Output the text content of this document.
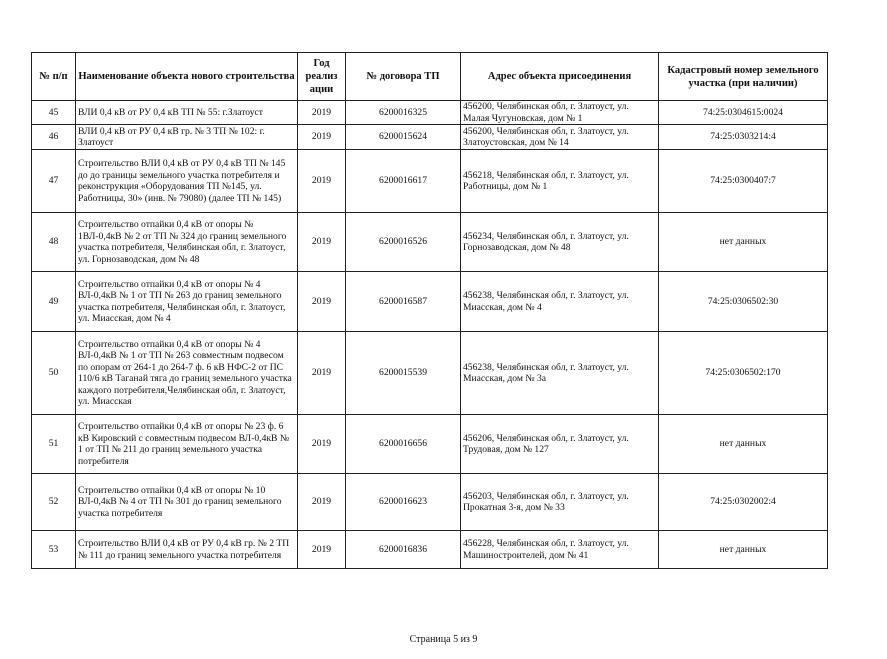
№ п/п	Наименование объекта нового строительства	Год реализ ации	№ договора ТП	Адрес объекта присоединения	Кадастровый номер земельного участка (при наличии)
45	ВЛИ 0,4 кВ от РУ 0,4 кВ ТП № 55: г.Златоуст	2019	6200016325	456200, Челябинская обл, г. Златоуст, ул. Малая Чугуновская, дом № 1	74:25:0304615:0024
46	ВЛИ 0,4 кВ от РУ 0,4 кВ гр. № 3 ТП № 102: г. Златоуст	2019	6200015624	456200, Челябинская обл, г. Златоуст, ул. Златоустовская, дом № 14	74:25:0303214:4
47	Строительство ВЛИ 0,4 кВ от РУ 0,4 кВ ТП № 145 до до границы земельного участка потребителя и реконструкция «Оборудования ТП №145, ул. Работницы, 30» (инв. № 79080) (далее ТП № 145)	2019	6200016617	456218, Челябинская обл, г. Златоуст, ул. Работницы, дом № 1	74:25:0300407:7
48	Строительство отпайки 0,4 кВ от опоры № 1ВЛ-0,4кВ № 2 от ТП № 324 до границ земельного участка потребителя, Челябинская обл, г. Златоуст, ул. Горнозаводская, дом № 48	2019	6200016526	456234, Челябинская обл, г. Златоуст, ул. Горнозаводская, дом № 48	нет данных
49	Строительство отпайки 0,4 кВ от опоры № 4 ВЛ-0,4кВ № 1 от ТП № 263 до границ земельного участка потребителя, Челябинская обл, г. Златоуст, ул. Миасская, дом № 4	2019	6200016587	456238, Челябинская обл, г. Златоуст, ул. Миасская, дом № 4	74:25:0306502:30
50	Строительство отпайки 0,4 кВ от опоры № 4 ВЛ-0,4кВ № 1 от ТП № 263 совместным подвесом по опорам от 264-1 до 264-7 ф. 6 кВ НФС-2 от ПС 110/6 кВ Таганай тяга до границ земельного участка каждого потребителя,Челябинская обл, г. Златоуст, ул. Миасская	2019	6200015539	456238, Челябинская обл, г. Златоуст, ул. Миасская, дом № 3а	74:25:0306502:170
51	Строительство отпайки 0,4 кВ от опоры № 23 ф. 6 кВ Кировский с совместным подвесом ВЛ-0,4кВ № 1 от ТП № 211 до границ земельного участка потребителя	2019	6200016656	456206, Челябинская обл, г. Златоуст, ул. Трудовая, дом № 127	нет данных
52	Строительство отпайки 0,4 кВ от опоры № 10 ВЛ-0,4кВ № 4 от ТП № 301 до границ земельного участка потребителя	2019	6200016623	456203, Челябинская обл, г. Златоуст, ул. Прокатная 3-я, дом № 33	74:25:0302002:4
53	Строительство ВЛИ 0,4 кВ от РУ 0,4 кВ гр. № 2 ТП № 111 до границ земельного участка потребителя	2019	6200016836	456228, Челябинская обл, г. Златоуст, ул. Машиностроителей, дом № 41	нет данных
Страница 5 из 9
